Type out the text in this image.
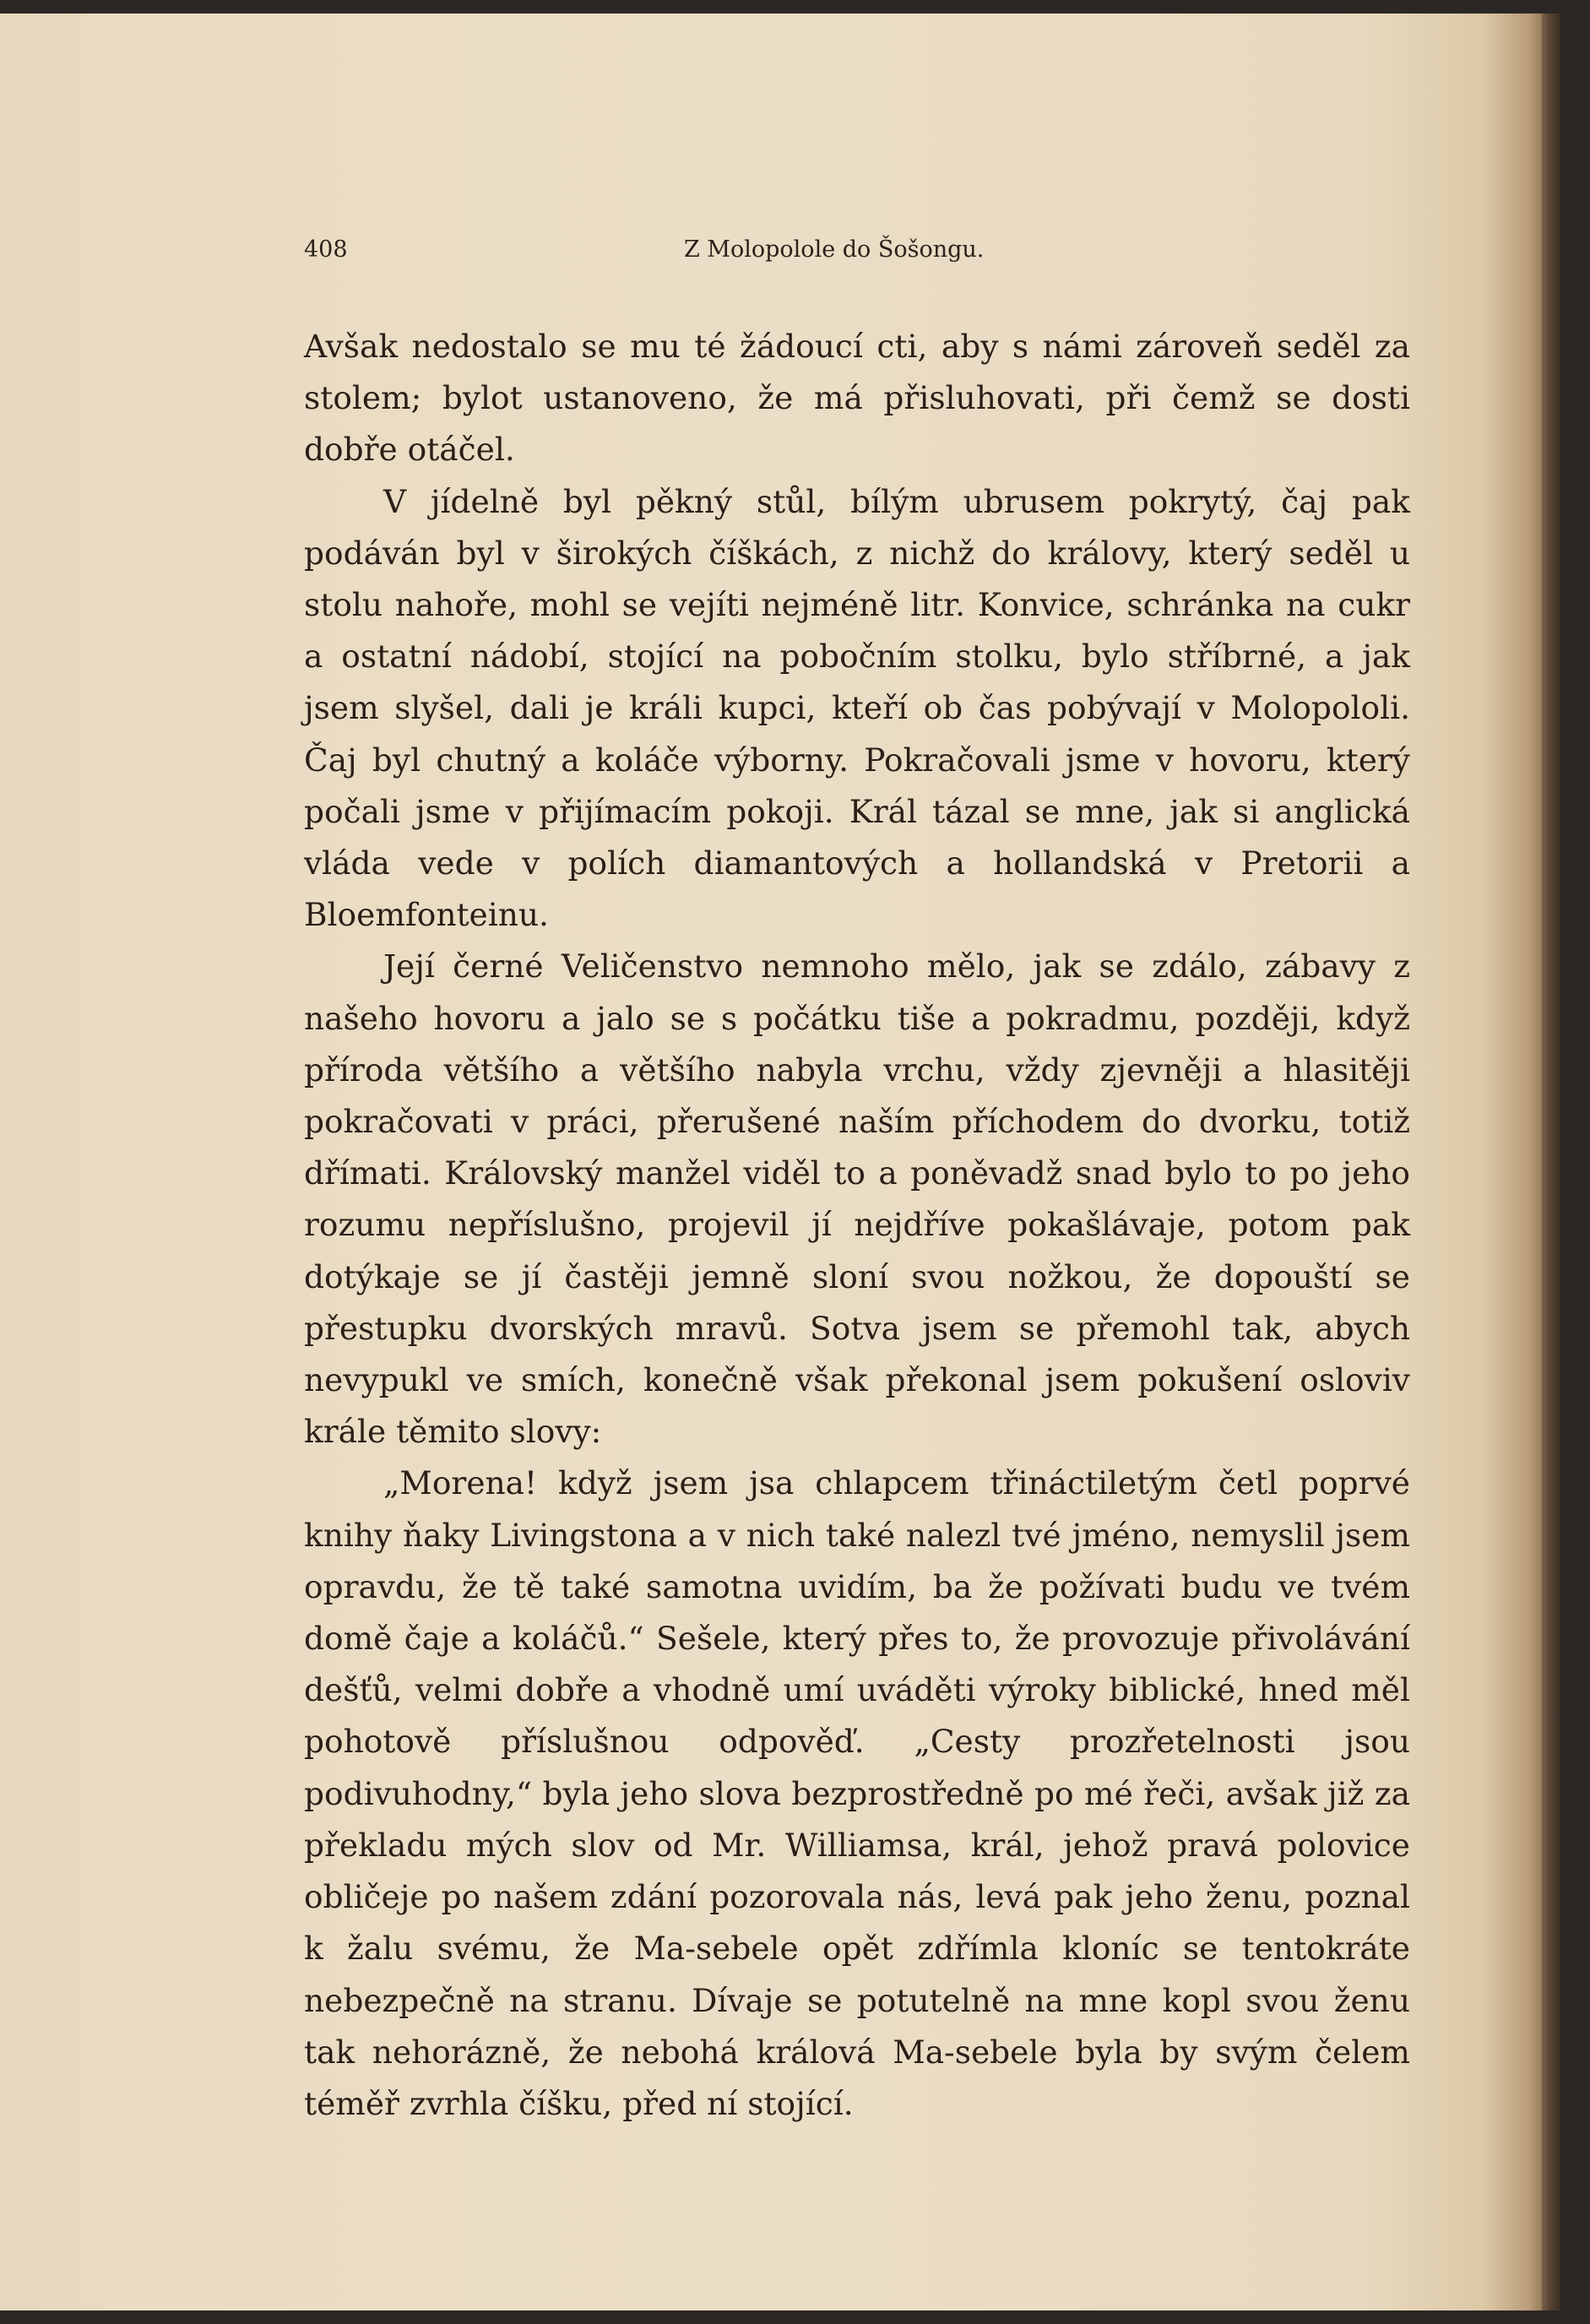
408	Z Molopolole do Šošongu.

Avšak nedostalo se mu té žádoucí cti, aby s námi zároveň seděl za stolem; bylot ustanoveno, že má přisluhovati, při čemž se dosti dobře otáčel.

V jídelně byl pěkný stůl, bílým ubrusem pokrytý, čaj pak podáván byl v širokých číškách, z nichž do královy, který seděl u stolu nahoře, mohl se vejíti nejméně litr. Konvice, schránka na cukr a ostatní nádobí, stojící na pobočním stolku, bylo stříbrné, a jak jsem slyšel, dali je králi kupci, kteří ob čas pobývají v Molopololi. Čaj byl chutný a koláče výborny. Pokračovali jsme v hovoru, který počali jsme v přijímacím pokoji. Král tázal se mne, jak si anglická vláda vede v polích diamantových a hollandská v Pretorii a Bloemfonteinu.

Její černé Veličenstvo nemnoho mělo, jak se zdálo, zábavy z našeho hovoru a jalo se s počátku tiše a pokradmu, později, když příroda většího a většího nabyla vrchu, vždy zjevněji a hlasitěji pokračovati v práci, přerušené naším příchodem do dvorku, totiž dřímati. Královský manžel viděl to a poněvadž snad bylo to po jeho rozumu nepříslušno, projevil jí nejdříve pokašlávaje, potom pak dotýkaje se jí častěji jemně sloní svou nožkou, že dopouští se přestupku dvorských mravů. Sotva jsem se přemohl tak, abych nevypukl ve smích, konečně však překonal jsem pokušení osloviv krále těmito slovy:

„Morena! když jsem jsa chlapcem třináctiletým četl poprvé knihy ňaky Livingstona a v nich také nalezl tvé jméno, nemyslil jsem opravdu, že tě také samotna uvidím, ba že požívati budu ve tvém domě čaje a koláčů.“ Sešele, který přes to, že provozuje přivolávání dešťů, velmi dobře a vhodně umí uváděti výroky biblické, hned měl pohotově příslušnou odpověď. „Cesty prozřetelnosti jsou podivuhodny,“ byla jeho slova bezprostředně po mé řeči, avšak již za překladu mých slov od Mr. Williamsa, král, jehož pravá polovice obličeje po našem zdání pozorovala nás, levá pak jeho ženu, poznal k žalu svému, že Ma-sebele opět zdřímla kloníc se tentokráte nebezpečně na stranu. Dívaje se potutelně na mne kopl svou ženu tak nehorázně, že nebohá králová Ma-sebele byla by svým čelem téměř zvrhla číšku, před ní stojící.
